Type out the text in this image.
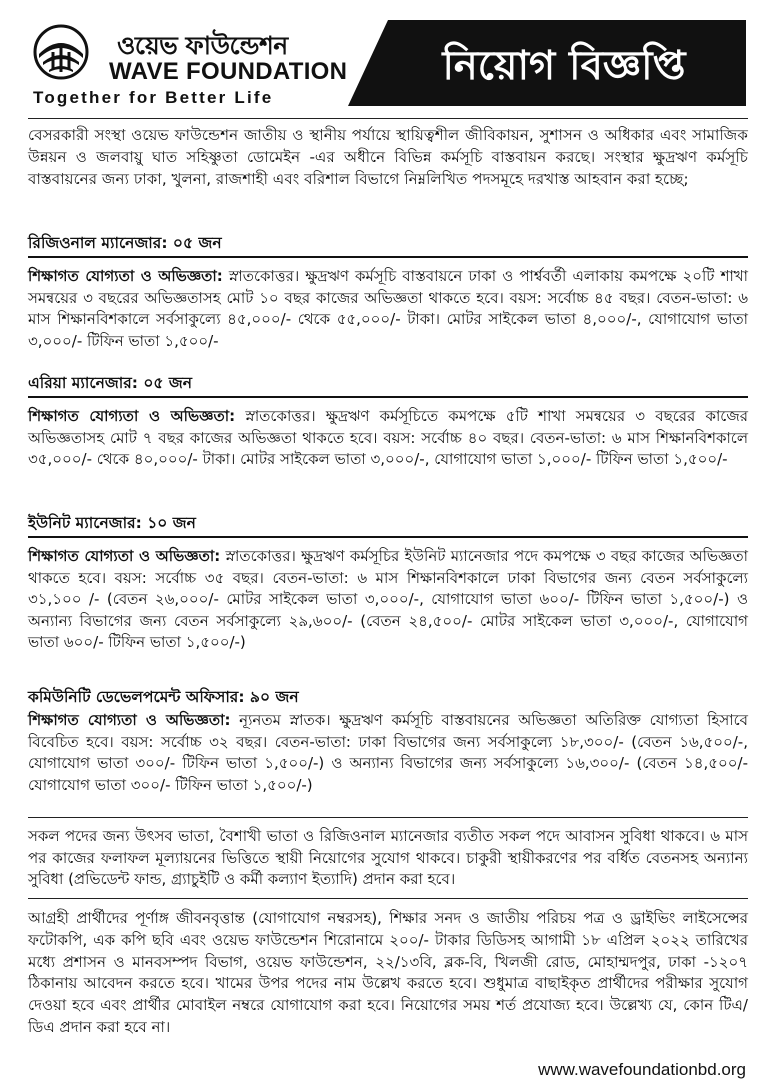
ওয়েভ ফাউন্ডেশন
WAVE FOUNDATION
Together for Better Life
নিয়োগ বিজ্ঞপ্তি
বেসরকারী সংস্থা ওয়েভ ফাউন্ডেশন জাতীয় ও স্থানীয় পর্যায়ে স্থায়িত্বশীল জীবিকায়ন, সুশাসন ও অধিকার এবং সামাজিক উন্নয়ন ও জলবায়ু ঘাত সহিষ্ণুতা ডোমেইন -এর অধীনে বিভিন্ন কর্মসূচি বাস্তবায়ন করছে। সংস্থার ক্ষুদ্রঋণ কর্মসূচি বাস্তবায়নের জন্য ঢাকা, খুলনা, রাজশাহী এবং বরিশাল বিভাগে নিম্নলিখিত পদসমূহে দরখাস্ত আহবান করা হচ্ছে;
রিজিওনাল ম্যানেজার: ০৫ জন
শিক্ষাগত যোগ্যতা ও অভিজ্ঞতা: স্নাতকোত্তর। ক্ষুদ্রঋণ কর্মসূচি বাস্তবায়নে ঢাকা ও পার্শ্ববর্তী এলাকায় কমপক্ষে ২০টি শাখা সমন্বয়ের ৩ বছরের অভিজ্ঞতাসহ মোট ১০ বছর কাজের অভিজ্ঞতা থাকতে হবে। বয়স: সর্বোচ্চ ৪৫ বছর। বেতন-ভাতা: ৬ মাস শিক্ষানবিশকালে সর্বসাকুল্যে ৪৫,০০০/- থেকে ৫৫,০০০/- টাকা। মোটর সাইকেল ভাতা ৪,০০০/-, যোগাযোগ ভাতা ৩,০০০/- টিফিন ভাতা ১,৫০০/-
এরিয়া ম্যানেজার: ০৫ জন
শিক্ষাগত যোগ্যতা ও অভিজ্ঞতা: স্নাতকোত্তর। ক্ষুদ্রঋণ কর্মসূচিতে কমপক্ষে ৫টি শাখা সমন্বয়ের ৩ বছরের কাজের অভিজ্ঞতাসহ মোট ৭ বছর কাজের অভিজ্ঞতা থাকতে হবে। বয়স: সর্বোচ্চ ৪০ বছর। বেতন-ভাতা: ৬ মাস শিক্ষানবিশকালে ৩৫,০০০/- থেকে ৪০,০০০/- টাকা। মোটর সাইকেল ভাতা ৩,০০০/-, যোগাযোগ ভাতা ১,০০০/- টিফিন ভাতা ১,৫০০/-
ইউনিট ম্যানেজার: ১০ জন
শিক্ষাগত যোগ্যতা ও অভিজ্ঞতা: স্নাতকোত্তর। ক্ষুদ্রঋণ কর্মসূচির ইউনিট ম্যানেজার পদে কমপক্ষে ৩ বছর কাজের অভিজ্ঞতা থাকতে হবে। বয়স: সর্বোচ্চ ৩৫ বছর। বেতন-ভাতা: ৬ মাস শিক্ষানবিশকালে ঢাকা বিভাগের জন্য বেতন সর্বসাকুল্যে ৩১,১০০ /- (বেতন ২৬,০০০/- মোটর সাইকেল ভাতা ৩,০০০/-, যোগাযোগ ভাতা ৬০০/- টিফিন ভাতা ১,৫০০/-) ও অন্যান্য বিভাগের জন্য বেতন সর্বসাকুল্যে ২৯,৬০০/- (বেতন ২৪,৫০০/- মোটর সাইকেল ভাতা ৩,০০০/-, যোগাযোগ ভাতা ৬০০/- টিফিন ভাতা ১,৫০০/-)
কমিউনিটি ডেভেলপমেন্ট অফিসার: ৯০ জন
শিক্ষাগত যোগ্যতা ও অভিজ্ঞতা: ন্যূনতম স্নাতক। ক্ষুদ্রঋণ কর্মসূচি বাস্তবায়নের অভিজ্ঞতা অতিরিক্ত যোগ্যতা হিসাবে বিবেচিত হবে। বয়স: সর্বোচ্চ ৩২ বছর। বেতন-ভাতা: ঢাকা বিভাগের জন্য সর্বসাকুল্যে ১৮,৩০০/- (বেতন ১৬,৫০০/-, যোগাযোগ ভাতা ৩০০/- টিফিন ভাতা ১,৫০০/-) ও অন্যান্য বিভাগের জন্য সর্বসাকুল্যে ১৬,৩০০/- (বেতন ১৪,৫০০/- যোগাযোগ ভাতা ৩০০/- টিফিন ভাতা ১,৫০০/-)
সকল পদের জন্য উৎসব ভাতা, বৈশাখী ভাতা ও রিজিওনাল ম্যানেজার ব্যতীত সকল পদে আবাসন সুবিধা থাকবে। ৬ মাস পর কাজের ফলাফল মূল্যায়নের ভিত্তিতে স্থায়ী নিয়োগের সুযোগ থাকবে। চাকুরী স্থায়ীকরণের পর বর্ধিত বেতনসহ অন্যান্য সুবিধা (প্রভিডেন্ট ফান্ড, গ্র্যাচুইটি ও কর্মী কল্যাণ ইত্যাদি) প্রদান করা হবে।
আগ্রহী প্রার্থীদের পূর্ণাঙ্গ জীবনবৃত্তান্ত (যোগাযোগ নম্বরসহ), শিক্ষার সনদ ও জাতীয় পরিচয় পত্র ও ড্রাইভিং লাইসেন্সের ফটোকপি, এক কপি ছবি এবং ওয়েভ ফাউন্ডেশন শিরোনামে ২০০/- টাকার ডিডিসহ আগামী ১৮ এপ্রিল ২০২২ তারিখের মধ্যে প্রশাসন ও মানবসম্পদ বিভাগ, ওয়েভ ফাউন্ডেশন, ২২/১৩বি, ব্লক-বি, খিলজী রোড, মোহাম্মদপুর, ঢাকা -১২০৭ ঠিকানায় আবেদন করতে হবে। খামের উপর পদের নাম উল্লেখ করতে হবে। শুধুমাত্র বাছাইকৃত প্রার্থীদের পরীক্ষার সুযোগ দেওয়া হবে এবং প্রার্থীর মোবাইল নম্বরে যোগাযোগ করা হবে। নিয়োগের সময় শর্ত প্রযোজ্য হবে। উল্লেখ্য যে, কোন টিএ/ডিএ প্রদান করা হবে না।
www.wavefoundationbd.org
